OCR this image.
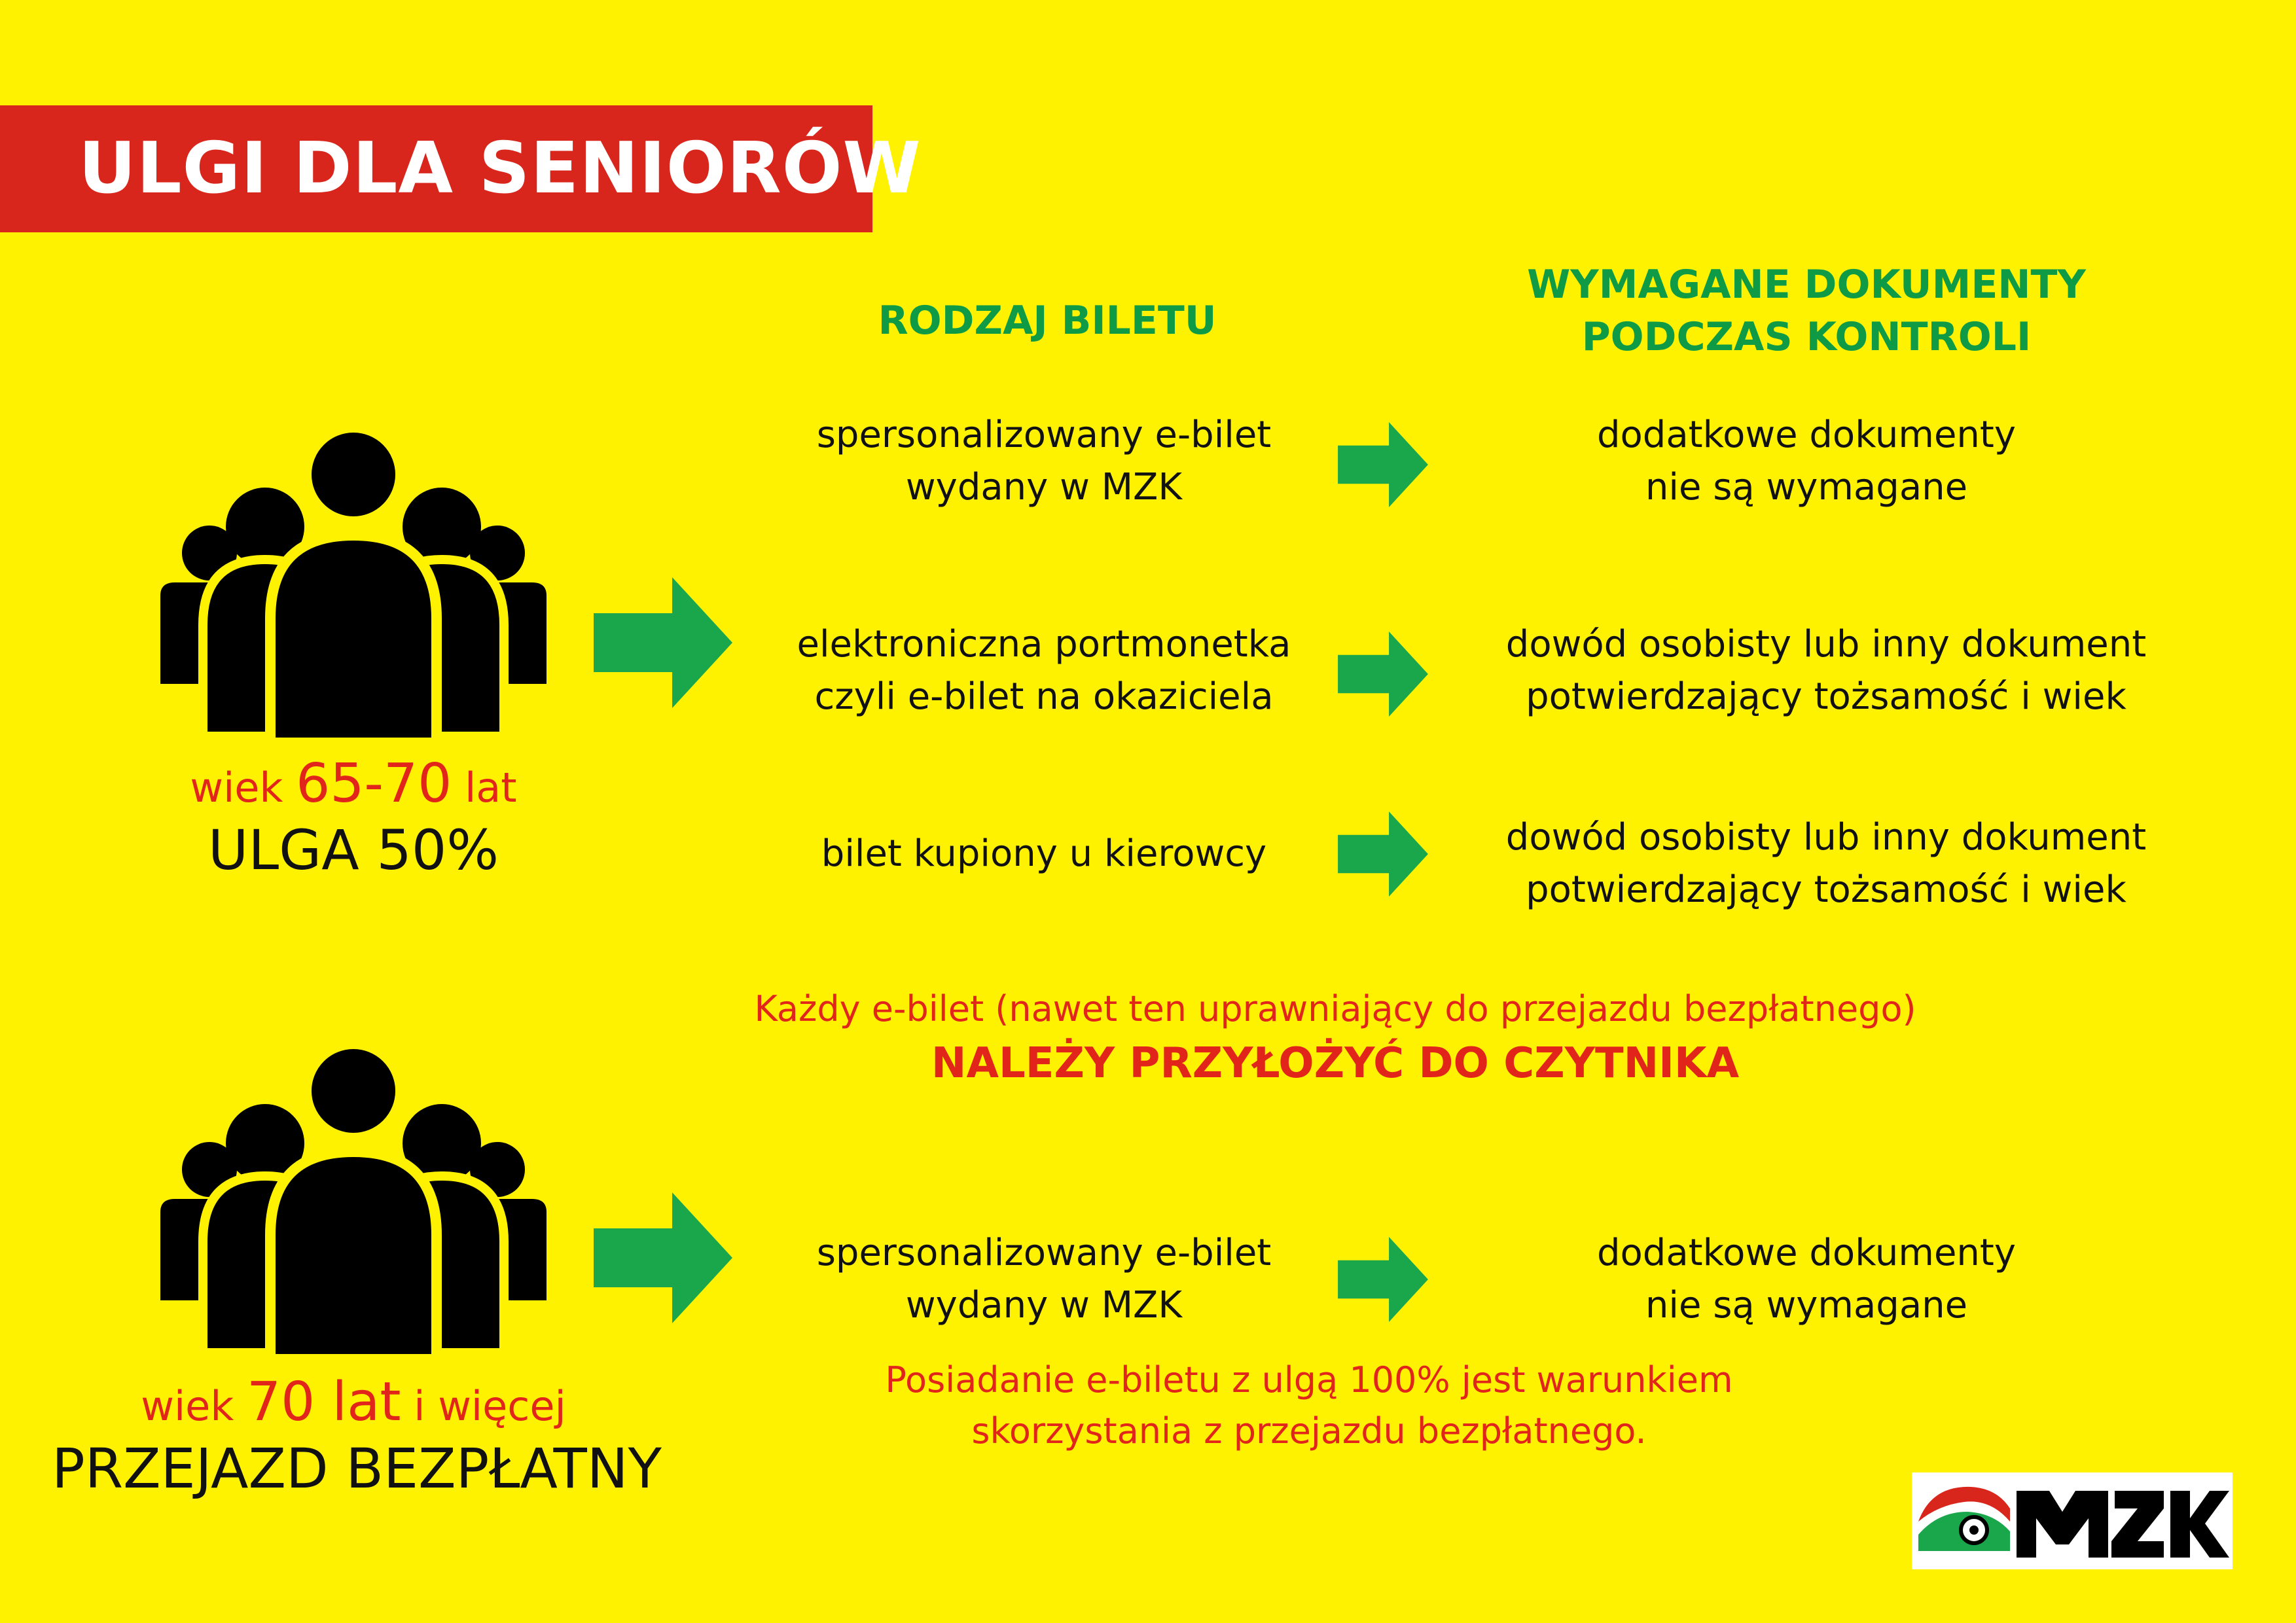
ULGI DLA SENIORÓW
RODZAJ BILETU
WYMAGANE DOKUMENTY
PODCZAS KONTROLI
wiek 65-70 lat
ULGA 50%
spersonalizowany e-bilet
wydany w MZK
dodatkowe dokumenty
nie są wymagane
elektroniczna portmonetka
czyli e-bilet na okaziciela
dowód osobisty lub inny dokument
potwierdzający tożsamość i wiek
bilet kupiony u kierowcy	dowód osobisty lub inny dokument
potwierdzający tożsamość i wiek
Każdy e-bilet (nawet ten uprawniający do przejazdu bezpłatnego)
NALEŻY PRZYŁOŻYĆ DO CZYTNIKA
wiek 70 lat i więcej
PRZEJAZD BEZPŁATNY
spersonalizowany e-bilet
wydany w MZK
dodatkowe dokumenty
nie są wymagane
Posiadanie e-biletu z ulgą 100% jest warunkiem
skorzystania z przejazdu bezpłatnego.
